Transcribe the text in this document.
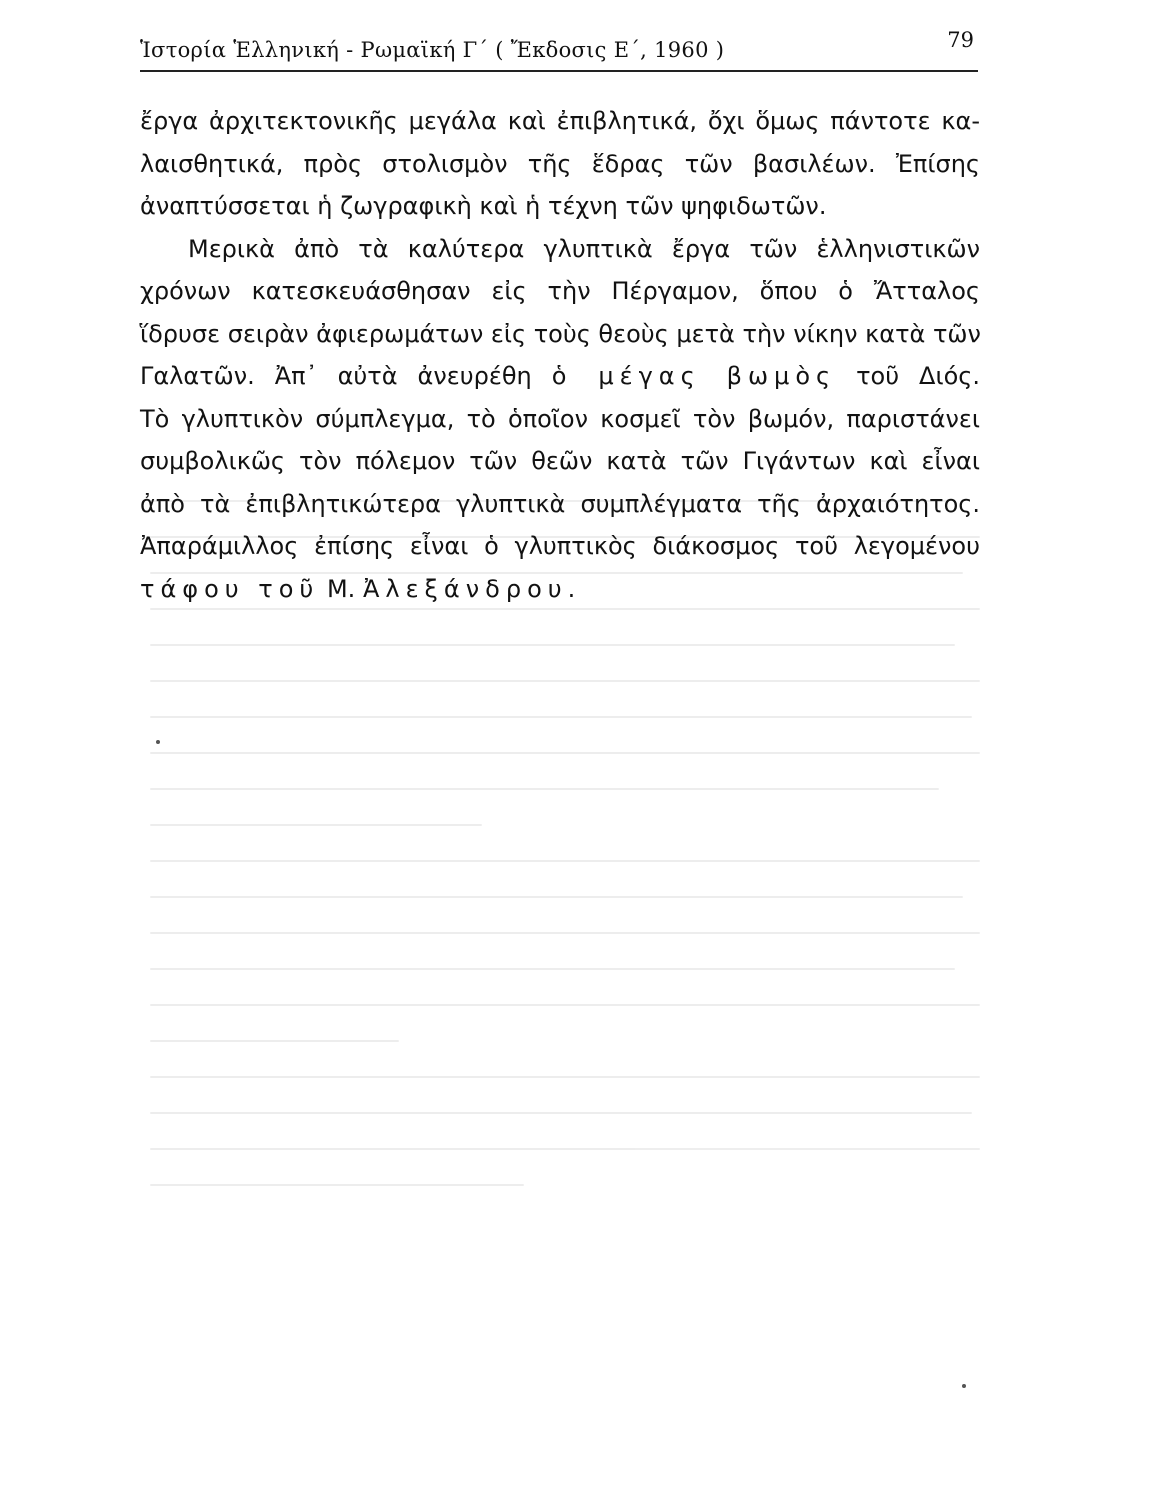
Ἱστορία Ἑλληνική - Ρωμαϊκή Γ΄ ( Ἔκδοσις Ε΄, 1960 )	79

ἔργα ἀρχιτεκτονικῆς μεγάλα καὶ ἐπιβλητικά, ὄχι ὅμως πάντοτε κα-
λαισθητικά, πρὸς στολισμὸν τῆς ἕδρας τῶν βασιλέων. Ἐπίσης
ἀναπτύσσεται ἡ ζωγραφικὴ καὶ ἡ τέχνη τῶν ψηφιδωτῶν.

Μερικὰ ἀπὸ τὰ καλύτερα γλυπτικὰ ἔργα τῶν ἑλληνιστικῶν
χρόνων κατεσκευάσθησαν εἰς τὴν Πέργαμον, ὅπου ὁ Ἄτταλος
ἵδρυσε σειρὰν ἀφιερωμάτων εἰς τοὺς θεοὺς μετὰ τὴν νίκην κατὰ τῶν
Γαλατῶν. Ἀπ᾽ αὐτὰ ἀνευρέθη ὁ μέγας βωμὸς τοῦ Διός.
Τὸ γλυπτικὸν σύμπλεγμα, τὸ ὁποῖον κοσμεῖ τὸν βωμόν, παριστάνει
συμβολικῶς τὸν πόλεμον τῶν θεῶν κατὰ τῶν Γιγάντων καὶ εἶναι
ἀπὸ τὰ ἐπιβλητικώτερα γλυπτικὰ συμπλέγματα τῆς ἀρχαιότητος.
Ἀπαράμιλλος ἐπίσης εἶναι ὁ γλυπτικὸς διάκοσμος τοῦ λεγομένου
τάφου τοῦ Μ. Ἀλεξάνδρου.
